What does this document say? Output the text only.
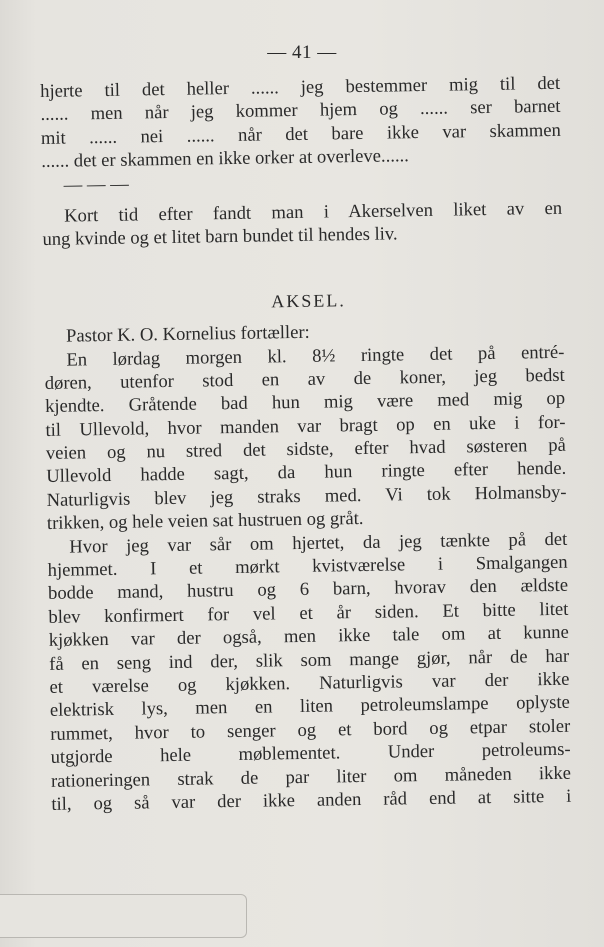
— 41 —
hjerte til det heller ...... jeg bestemmer mig til det
...... men når jeg kommer hjem og ...... ser barnet
mit ...... nei ...... når det bare ikke var skammen
...... det er skammen en ikke orker at overleve......
— — —
Kort tid efter fandt man i Akerselven liket av en
ung kvinde og et litet barn bundet til hendes liv.
AKSEL.
Pastor K. O. Kornelius fortæller:
En lørdag morgen kl. 8½ ringte det på entré-
døren, utenfor stod en av de koner, jeg bedst
kjendte. Gråtende bad hun mig være med mig op
til Ullevold, hvor manden var bragt op en uke i for-
veien og nu stred det sidste, efter hvad søsteren på
Ullevold hadde sagt, da hun ringte efter hende.
Naturligvis blev jeg straks med. Vi tok Holmansby-
trikken, og hele veien sat hustruen og gråt.
Hvor jeg var sår om hjertet, da jeg tænkte på det
hjemmet. I et mørkt kvistværelse i Smalgangen
bodde mand, hustru og 6 barn, hvorav den ældste
blev konfirmert for vel et år siden. Et bitte litet
kjøkken var der også, men ikke tale om at kunne
få en seng ind der, slik som mange gjør, når de har
et værelse og kjøkken. Naturligvis var der ikke
elektrisk lys, men en liten petroleumslampe oplyste
rummet, hvor to senger og et bord og etpar stoler
utgjorde hele møblementet. Under petroleums-
rationeringen strak de par liter om måneden ikke
til, og så var der ikke anden råd end at sitte i
